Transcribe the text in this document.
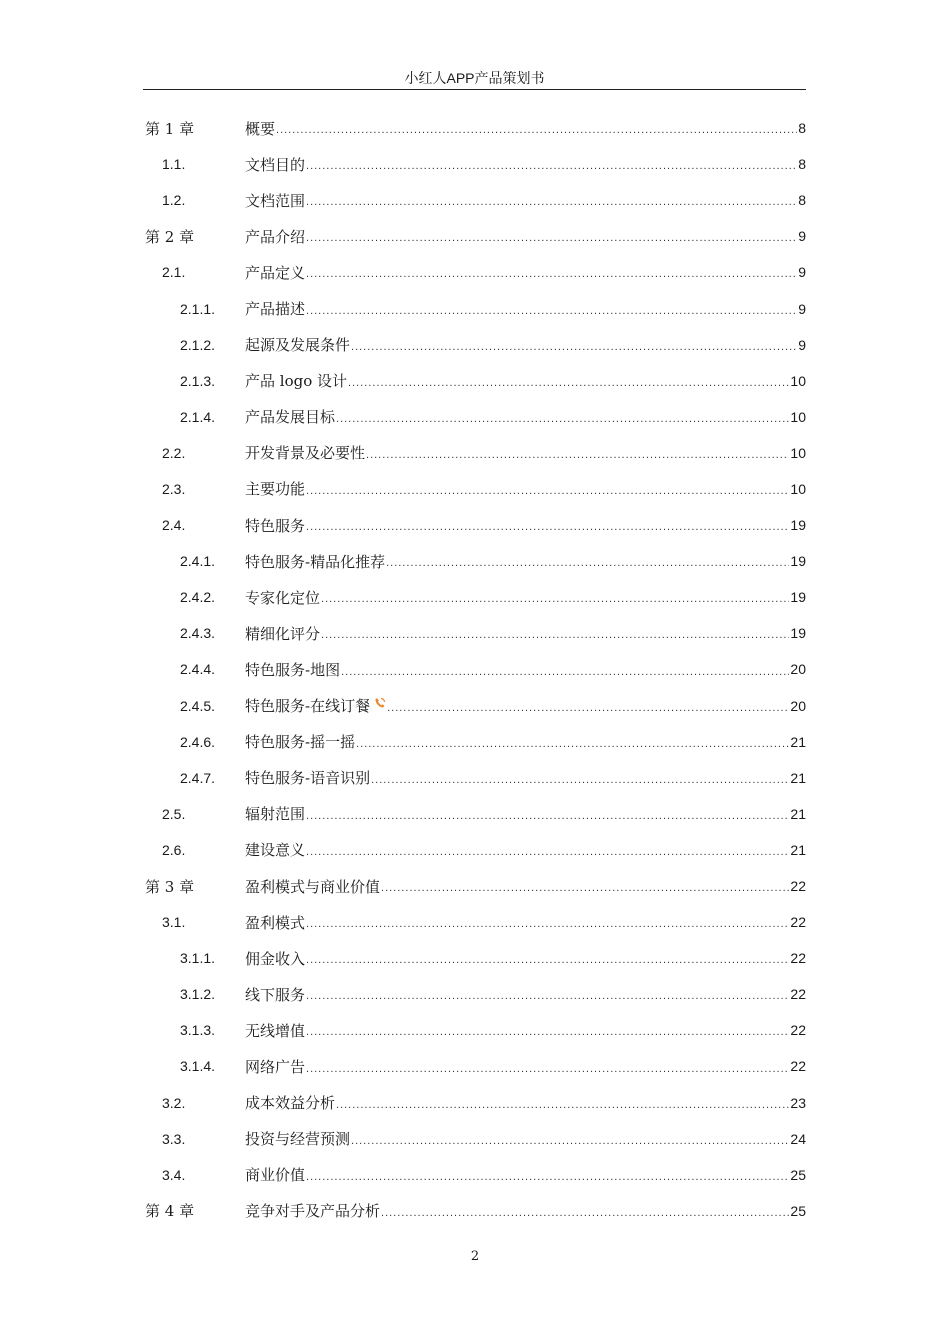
小红人APP产品策划书
第 1 章	概要 .....	8
1.1.	文档目的 .....	8
1.2.	文档范围 .....	8
第 2 章	产品介绍 .....	9
2.1.	产品定义 .....	9
2.1.1.	产品描述 .....	9
2.1.2.	起源及发展条件 .....	9
2.1.3.	产品 logo 设计 .....	10
2.1.4.	产品发展目标 .....	10
2.2.	开发背景及必要性 .....	10
2.3.	主要功能 .....	10
2.4.	特色服务 .....	19
2.4.1.	特色服务-精品化推荐 .....	19
2.4.2.	专家化定位 .....	19
2.4.3.	精细化评分 .....	19
2.4.4.	特色服务-地图 .....	20
2.4.5.	特色服务-在线订餐 .....	20
2.4.6.	特色服务-摇一摇 .....	21
2.4.7.	特色服务-语音识别 .....	21
2.5.	辐射范围 .....	21
2.6.	建设意义 .....	21
第 3 章	盈利模式与商业价值 .....	22
3.1.	盈利模式 .....	22
3.1.1.	佣金收入 .....	22
3.1.2.	线下服务 .....	22
3.1.3.	无线增值 .....	22
3.1.4.	网络广告 .....	22
3.2.	成本效益分析 .....	23
3.3.	投资与经营预测 .....	24
3.4.	商业价值 .....	25
第 4 章	竞争对手及产品分析 .....	25
2
